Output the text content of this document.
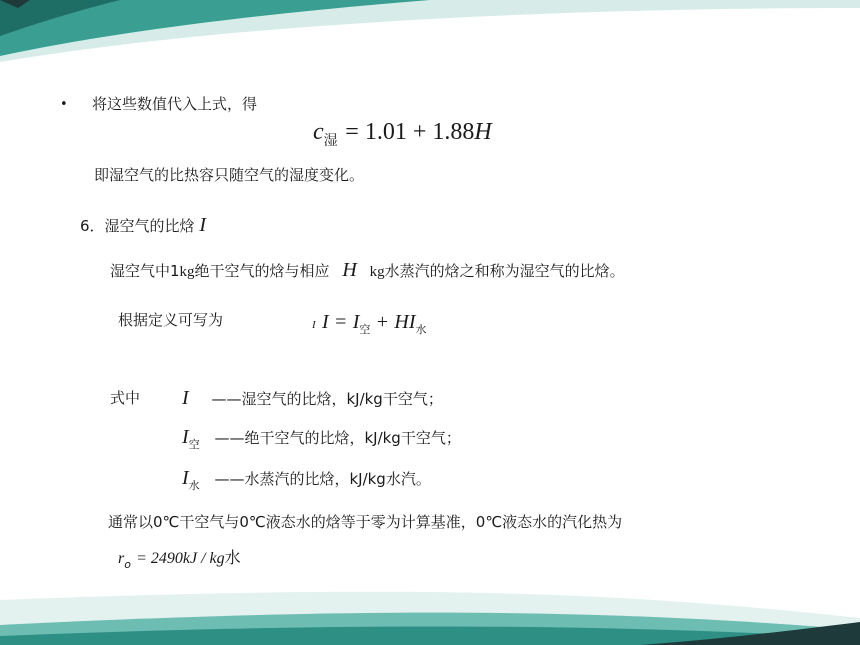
• 将这些数值代入上式，得
$c_湿 = 1.01 + 1.88H$
即湿空气的比热容只随空气的湿度变化。
6．湿空气的比焓 I
湿空气中1kg绝干空气的焓与相应 H kg水蒸汽的焓之和称为湿空气的比焓。
根据定义可写为	I $I = I_空 + HI_水$
式中 I ——湿空气的比焓，kJ/kg干空气；
$I_空$ ——绝干空气的比焓，kJ/kg干空气；
$I_水$ ——水蒸汽的比焓，kJ/kg水汽。
通常以0℃干空气与0℃液态水的焓等于零为计算基准，0℃液态水的汽化热为
$r_o = 2490kJ$ / kg水
